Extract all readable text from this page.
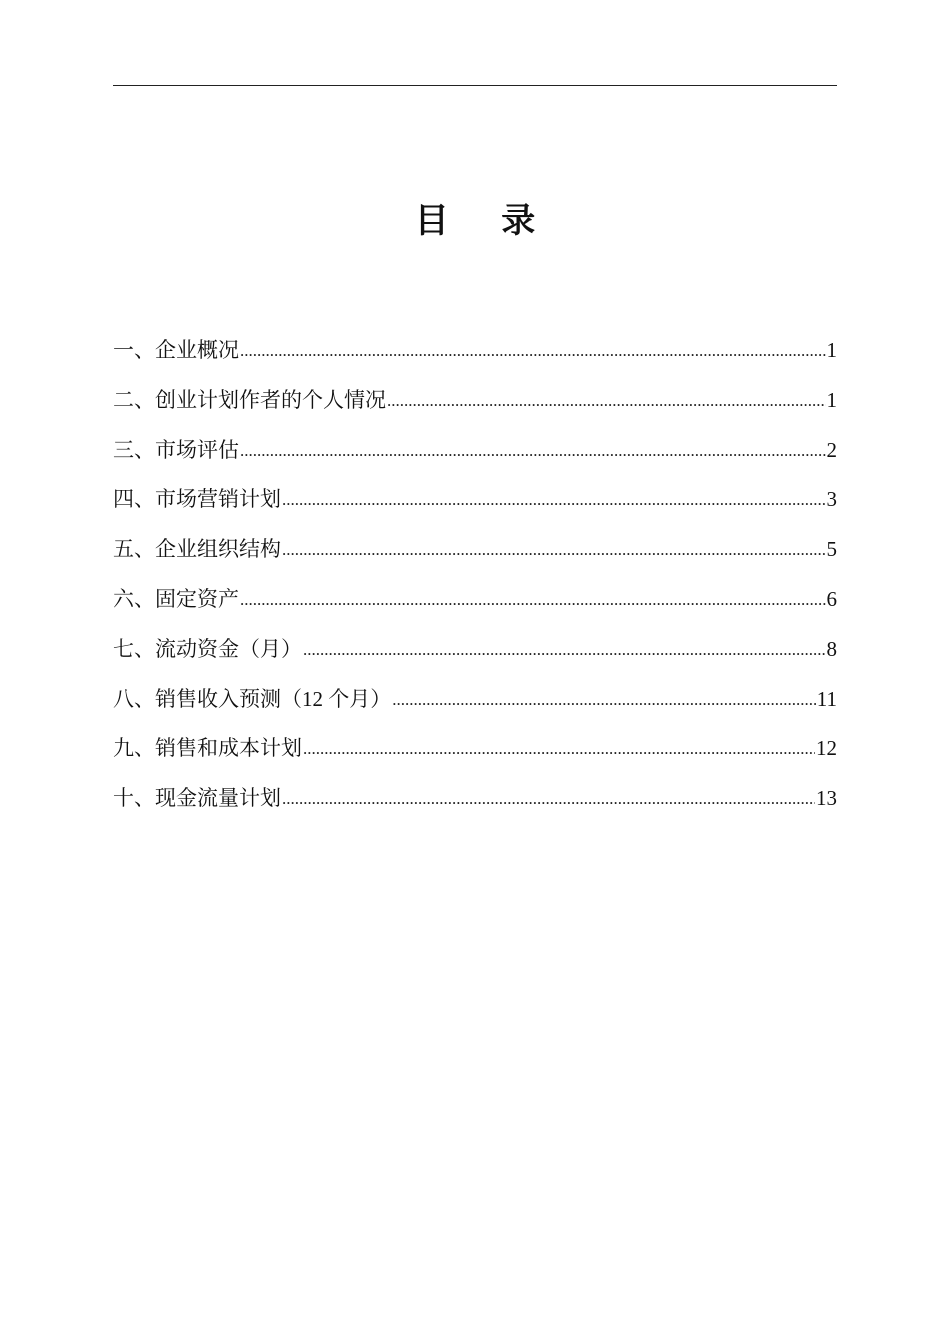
目 录
一、企业概况 .....	1
二、创业计划作者的个人情况 .....	1
三、市场评估 .....	2
四、市场营销计划 .....	3
五、企业组织结构 .....	5
六、固定资产 .....	6
七、流动资金（月） .....	8
八、销售收入预测（12 个月） .....	11
九、销售和成本计划 .....	12
十、现金流量计划 .....	13
